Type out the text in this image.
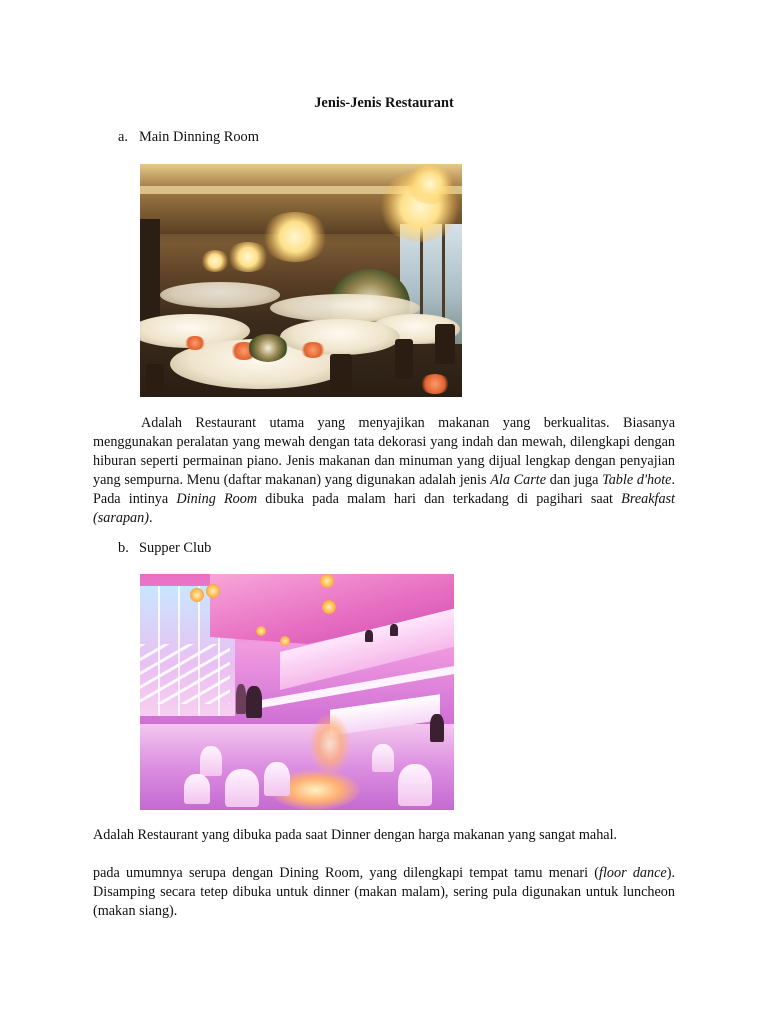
Jenis-Jenis Restaurant
a. Main Dinning Room

Adalah Restaurant utama yang menyajikan makanan yang berkualitas. Biasanya menggunakan peralatan yang mewah dengan tata dekorasi yang indah dan mewah, dilengkapi dengan hiburan seperti permainan piano. Jenis makanan dan minuman yang dijual lengkap dengan penyajian yang sempurna. Menu (daftar makanan) yang digunakan adalah jenis Ala Carte dan juga Table d'hote. Pada intinya Dining Room dibuka pada malam hari dan terkadang di pagihari saat Breakfast (sarapan).

b. Supper Club

Adalah Restaurant yang dibuka pada saat Dinner dengan harga makanan yang sangat mahal.

pada umumnya serupa dengan Dining Room, yang dilengkapi tempat tamu menari (floor dance). Disamping secara tetep dibuka untuk dinner (makan malam), sering pula digunakan untuk luncheon (makan siang).
